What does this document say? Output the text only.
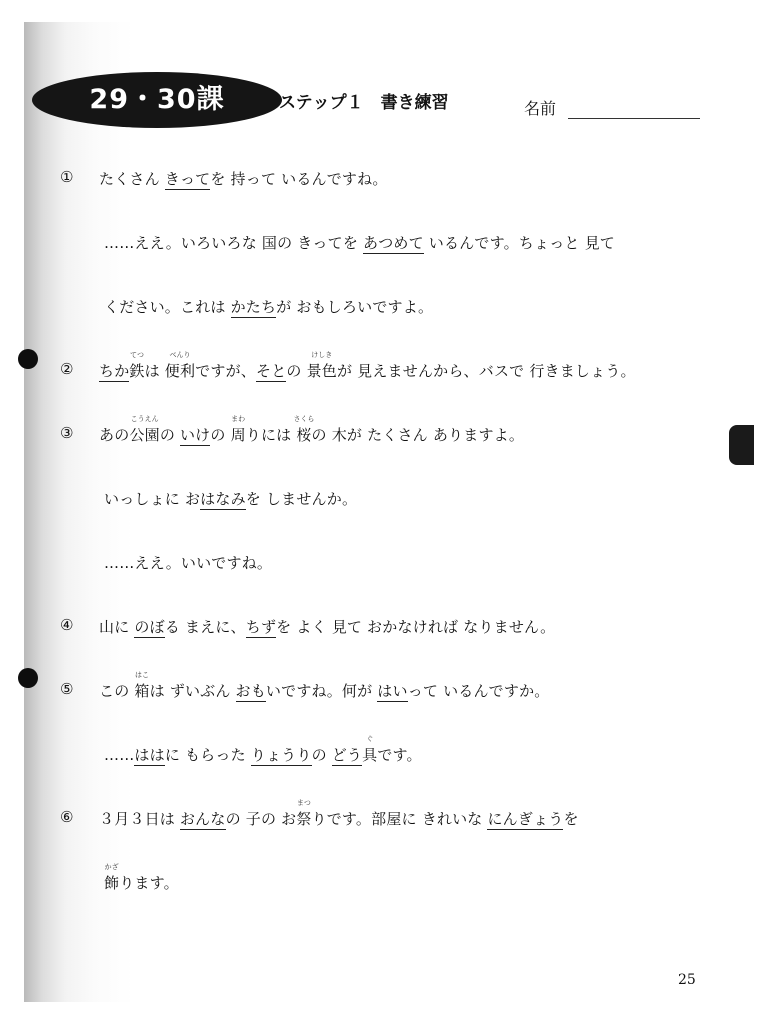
29・30課	ステップ１　書き練習	名前
① たくさん きってを 持って いるんですね。
……ええ。いろいろな 国の きってを あつめて いるんです。ちょっと 見て
ください。これは かたちが おもしろいですよ。
② ちか鉄
てつ
は 便利
べんり
ですが、そとの 景色
けしき
が 見えませんから、バスで 行きましょう。
③ あの公園
こうえん
の いけの 周
まわ
りには 桜
さくら
の 木が たくさん ありますよ。
いっしょに おはなみを しませんか。
……ええ。いいですね。
④ 山に のぼる まえに、ちずを よく 見て おかなければ なりません。
⑤ この 箱
はこ
は ずいぶん おもいですね。何が はいって いるんですか。
……ははに もらった りょうりの どう具
ぐ
です。
⑥ ３月３日は おんなの 子の お祭
まつ
りです。部屋に きれいな にんぎょうを
飾
かざ
ります。
25
